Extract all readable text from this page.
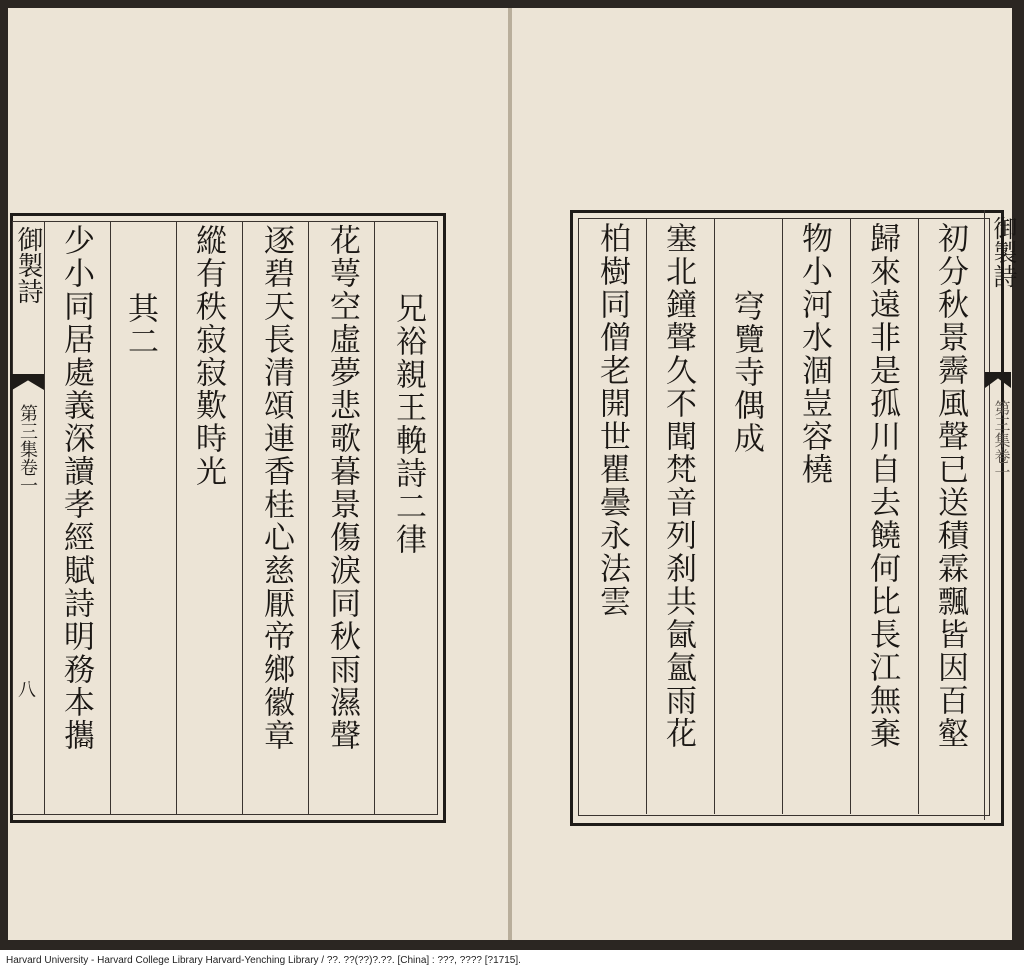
御製詩
第三集卷一
八
兄裕親王輓詩二律
花萼空虛夢悲歌暮景傷淚同秋雨濕聲
逐碧天長清頌連香桂心慈厭帝鄉徽章
縱有秩寂寂歎時光
其二
少小同居處義深讀孝經賦詩明務本攜	初分秋景霽風聲已送積霖飄皆因百壑
歸來遠非是孤川自去饒何比長江無棄
物小河水涸豈容橈
穹覽寺偶成
塞北鐘聲久不聞梵音列刹共氤氳雨花
柏樹同僧老開世瞿曇永法雲	御製詩
第三集卷一
Harvard University - Harvard College Library Harvard-Yenching Library / ??. ??(??)?.??. [China] : ???, ???? [?1715].
